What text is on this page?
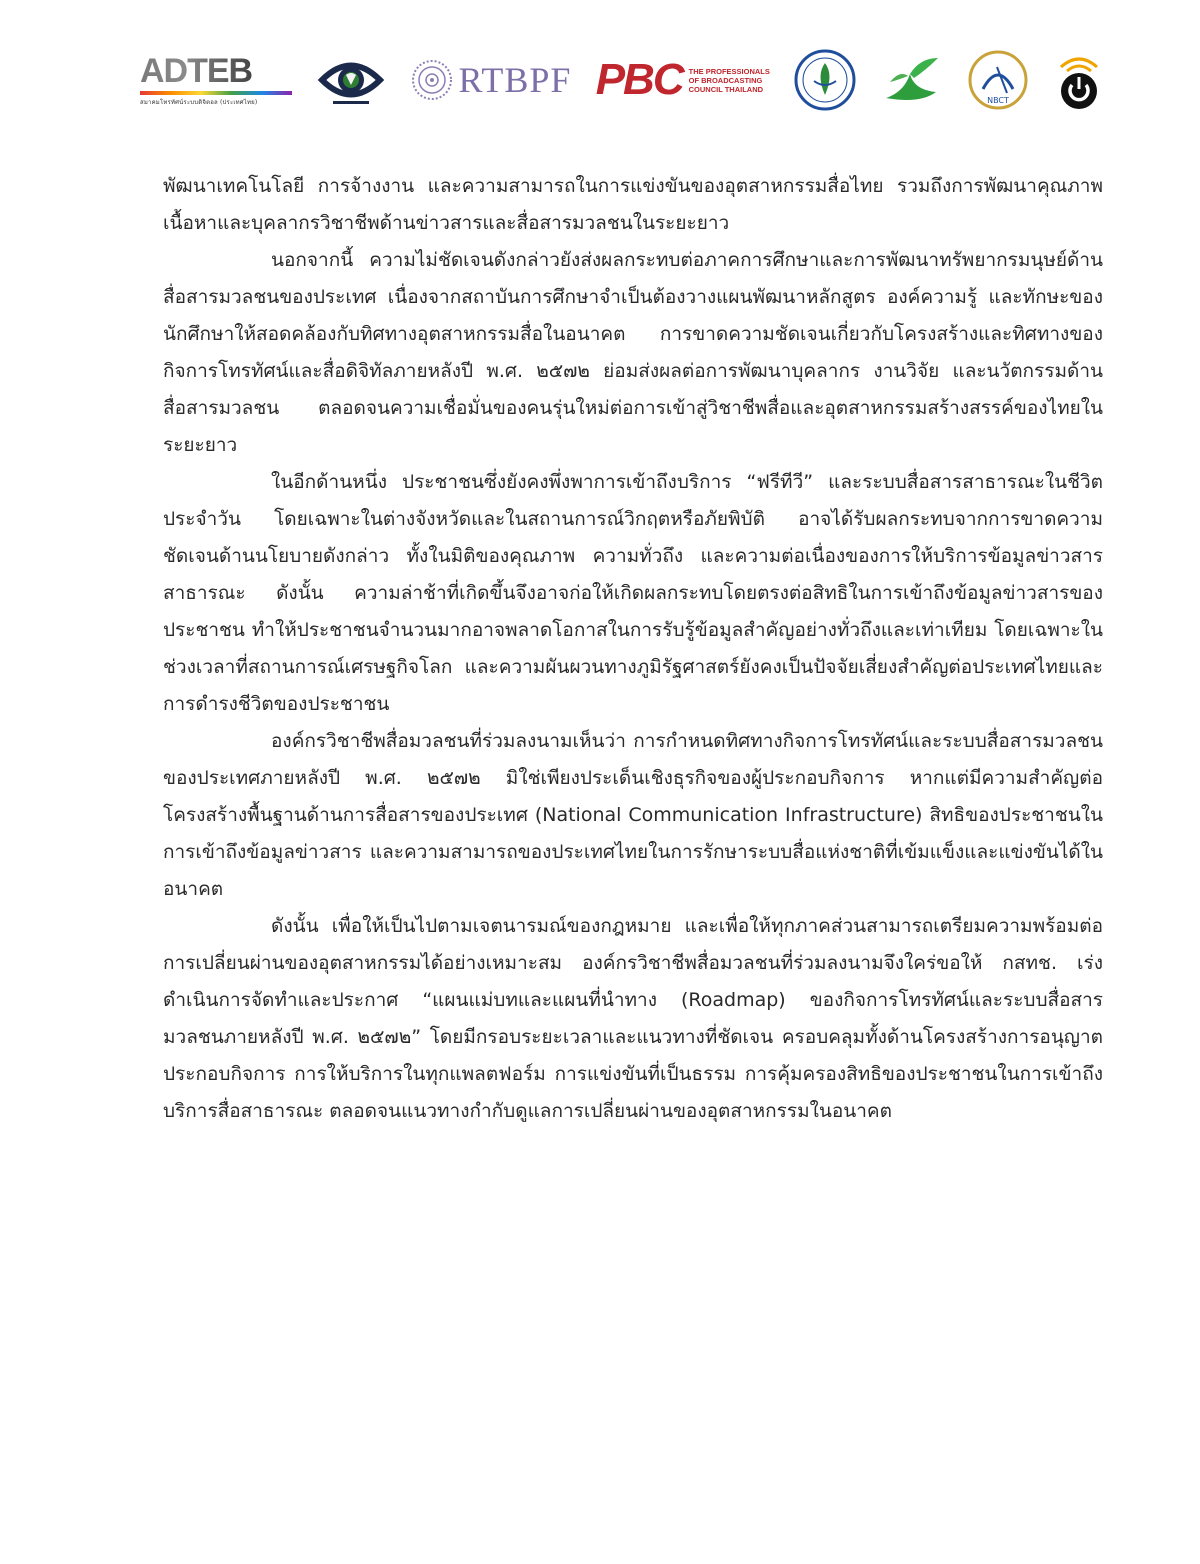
ADTEB
สมาคมโทรทัศน์ระบบดิจิตอล (ประเทศไทย)
RTBPF PBC THE PROFESSIONALS
OF BROADCASTING
COUNCIL THAILAND
NBCT

พัฒนาเทคโนโลยี การจ้างงาน และความสามารถในการแข่งขันของอุตสาหกรรมสื่อไทย รวมถึงการพัฒนาคุณภาพเนื้อหาและบุคลากรวิชาชีพด้านข่าวสารและสื่อสารมวลชนในระยะยาว

นอกจากนี้ ความไม่ชัดเจนดังกล่าวยังส่งผลกระทบต่อภาคการศึกษาและการพัฒนาทรัพยากรมนุษย์ด้านสื่อสารมวลชนของประเทศ เนื่องจากสถาบันการศึกษาจำเป็นต้องวางแผนพัฒนาหลักสูตร องค์ความรู้ และทักษะของนักศึกษาให้สอดคล้องกับทิศทางอุตสาหกรรมสื่อในอนาคต การขาดความชัดเจนเกี่ยวกับโครงสร้างและทิศทางของกิจการโทรทัศน์และสื่อดิจิทัลภายหลังปี พ.ศ. ๒๕๗๒ ย่อมส่งผลต่อการพัฒนาบุคลากร งานวิจัย และนวัตกรรมด้านสื่อสารมวลชน ตลอดจนความเชื่อมั่นของคนรุ่นใหม่ต่อการเข้าสู่วิชาชีพสื่อและอุตสาหกรรมสร้างสรรค์ของไทยในระยะยาว

ในอีกด้านหนึ่ง ประชาชนซึ่งยังคงพึ่งพาการเข้าถึงบริการ “ฟรีทีวี” และระบบสื่อสารสาธารณะในชีวิตประจำวัน โดยเฉพาะในต่างจังหวัดและในสถานการณ์วิกฤตหรือภัยพิบัติ อาจได้รับผลกระทบจากการขาดความชัดเจนด้านนโยบายดังกล่าว ทั้งในมิติของคุณภาพ ความทั่วถึง และความต่อเนื่องของการให้บริการข้อมูลข่าวสารสาธารณะ ดังนั้น ความล่าช้าที่เกิดขึ้นจึงอาจก่อให้เกิดผลกระทบโดยตรงต่อสิทธิในการเข้าถึงข้อมูลข่าวสารของประชาชน ทำให้ประชาชนจำนวนมากอาจพลาดโอกาสในการรับรู้ข้อมูลสำคัญอย่างทั่วถึงและเท่าเทียม โดยเฉพาะในช่วงเวลาที่สถานการณ์เศรษฐกิจโลก และความผันผวนทางภูมิรัฐศาสตร์ยังคงเป็นปัจจัยเสี่ยงสำคัญต่อประเทศไทยและการดำรงชีวิตของประชาชน

องค์กรวิชาชีพสื่อมวลชนที่ร่วมลงนามเห็นว่า การกำหนดทิศทางกิจการโทรทัศน์และระบบสื่อสารมวลชนของประเทศภายหลังปี พ.ศ. ๒๕๗๒ มิใช่เพียงประเด็นเชิงธุรกิจของผู้ประกอบกิจการ หากแต่มีความสำคัญต่อโครงสร้างพื้นฐานด้านการสื่อสารของประเทศ (National Communication Infrastructure) สิทธิของประชาชนในการเข้าถึงข้อมูลข่าวสาร และความสามารถของประเทศไทยในการรักษาระบบสื่อแห่งชาติที่เข้มแข็งและแข่งขันได้ในอนาคต

ดังนั้น เพื่อให้เป็นไปตามเจตนารมณ์ของกฎหมาย และเพื่อให้ทุกภาคส่วนสามารถเตรียมความพร้อมต่อการเปลี่ยนผ่านของอุตสาหกรรมได้อย่างเหมาะสม องค์กรวิชาชีพสื่อมวลชนที่ร่วมลงนามจึงใคร่ขอให้ กสทช. เร่งดำเนินการจัดทำและประกาศ “แผนแม่บทและแผนที่นำทาง (Roadmap) ของกิจการโทรทัศน์และระบบสื่อสารมวลชนภายหลังปี พ.ศ. ๒๕๗๒” โดยมีกรอบระยะเวลาและแนวทางที่ชัดเจน ครอบคลุมทั้งด้านโครงสร้างการอนุญาตประกอบกิจการ การให้บริการในทุกแพลตฟอร์ม การแข่งขันที่เป็นธรรม การคุ้มครองสิทธิของประชาชนในการเข้าถึงบริการสื่อสาธารณะ ตลอดจนแนวทางกำกับดูแลการเปลี่ยนผ่านของอุตสาหกรรมในอนาคต
